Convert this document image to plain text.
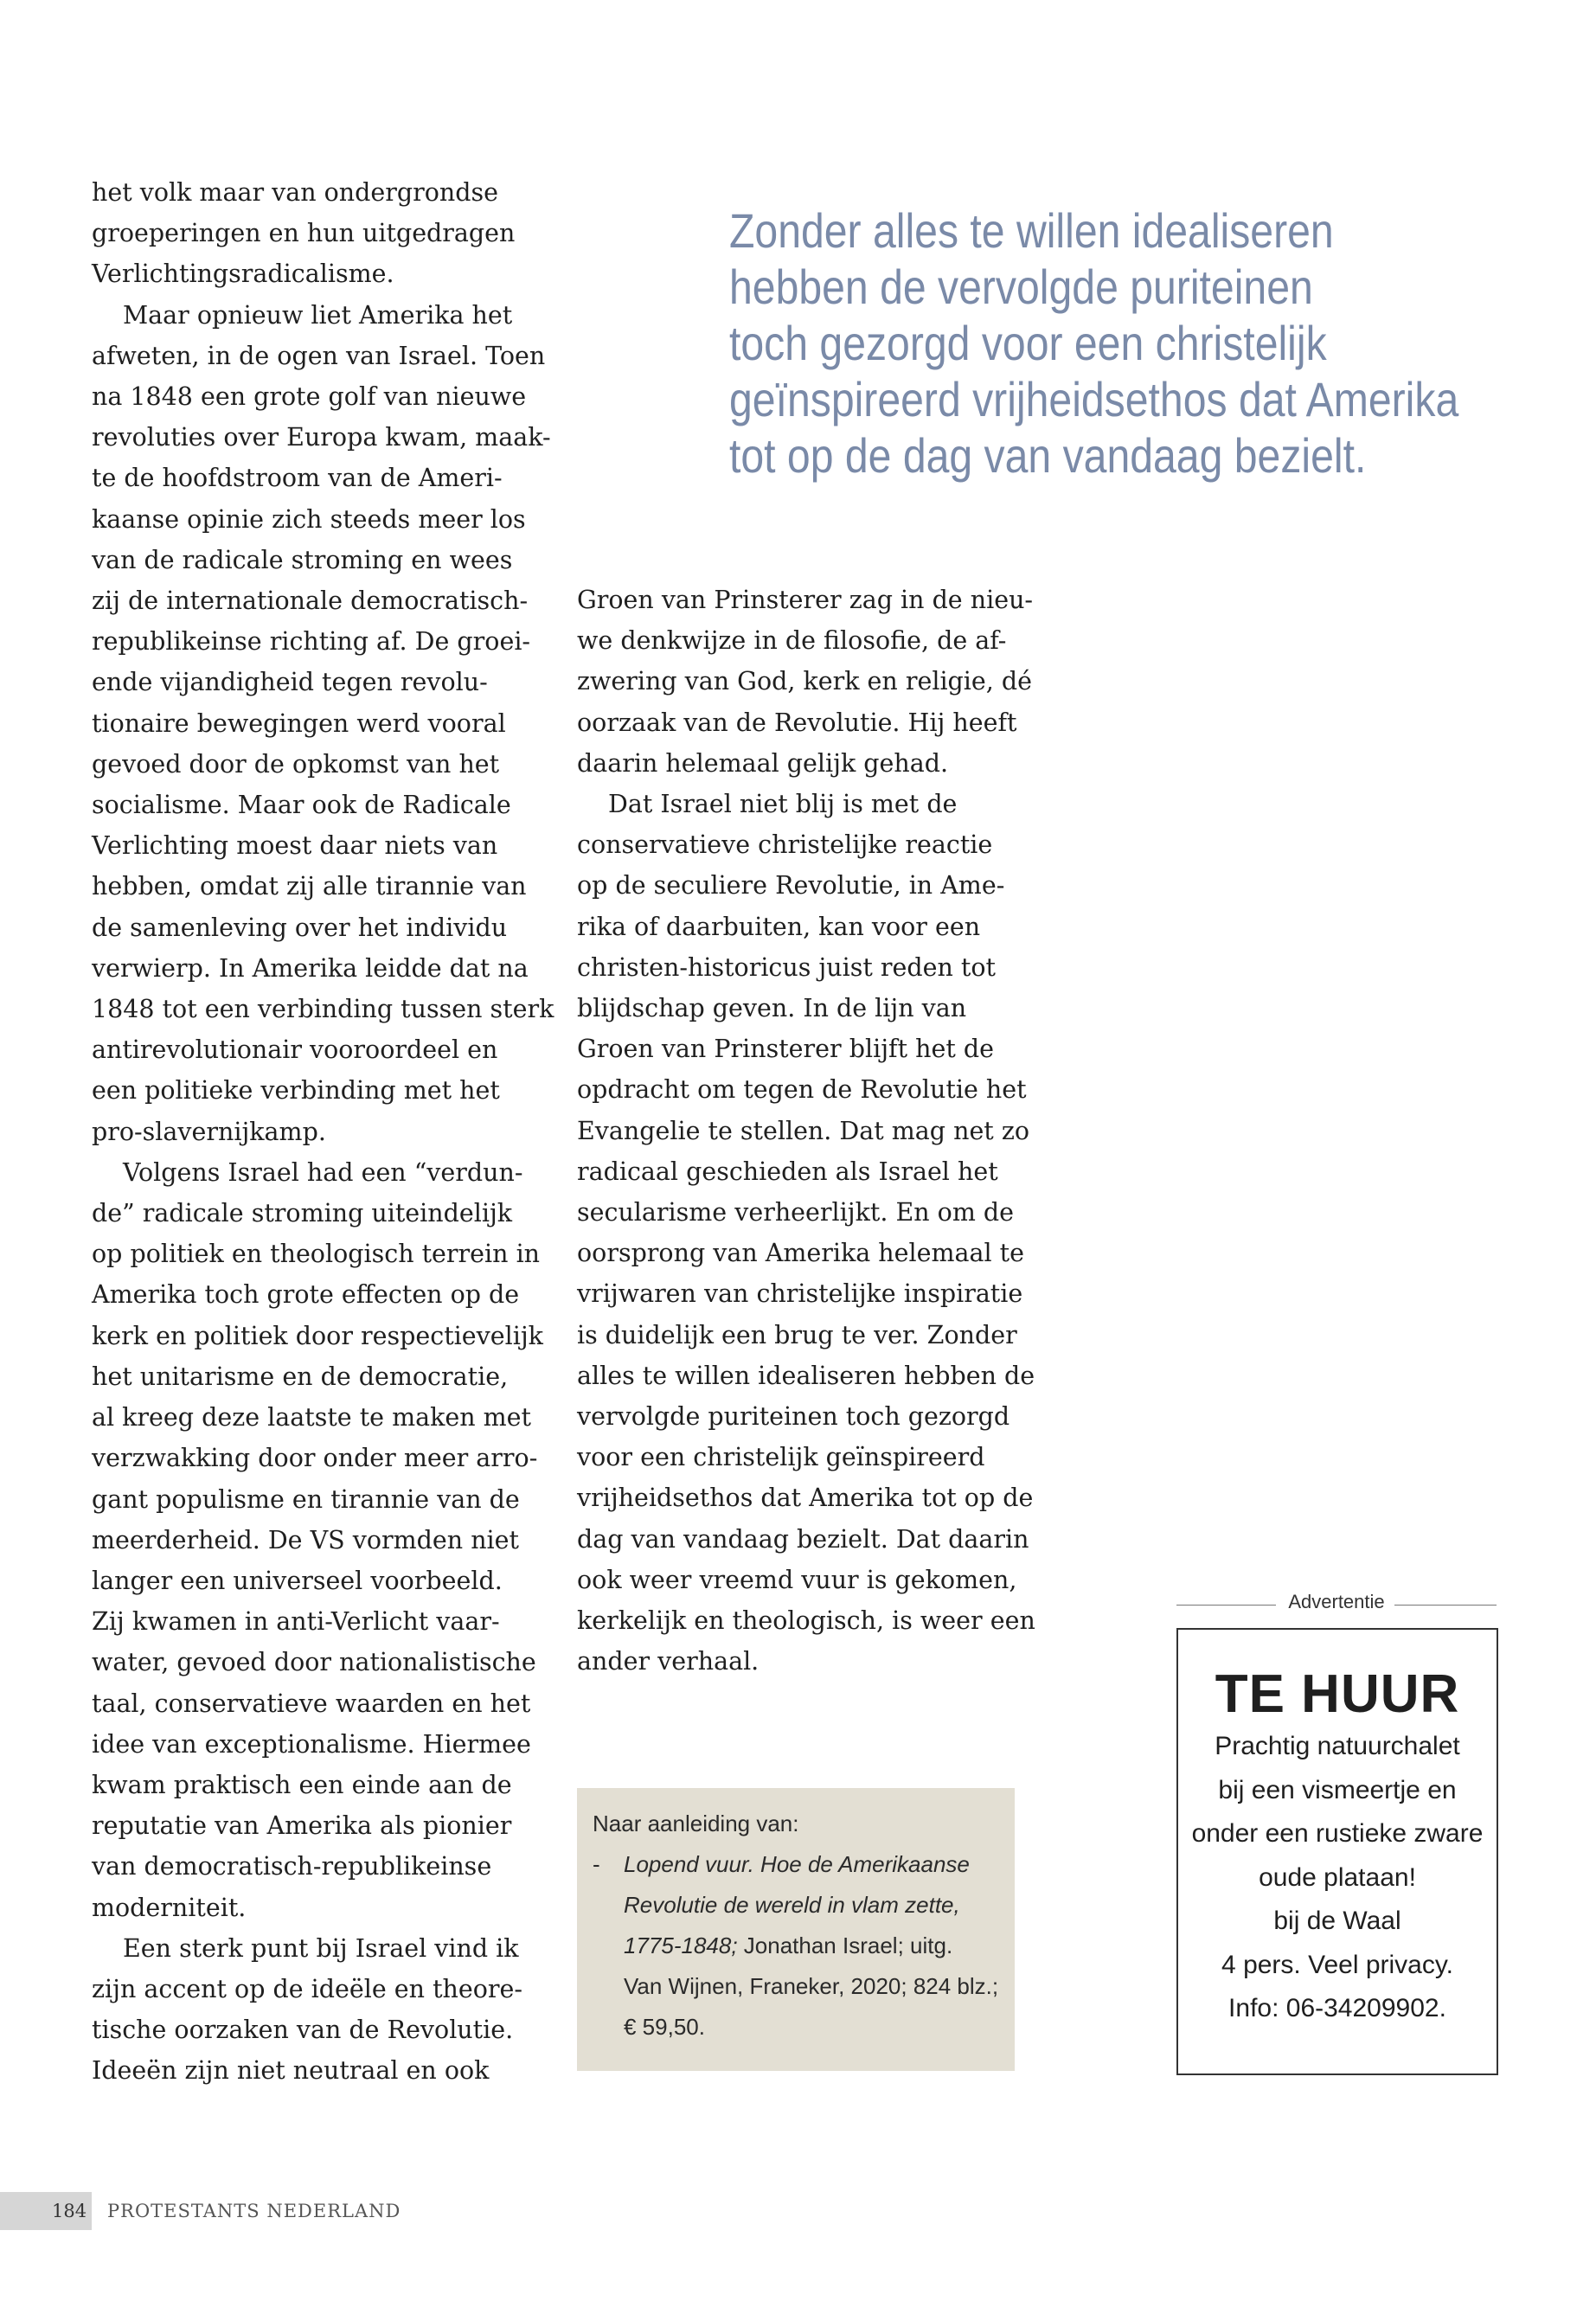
het volk maar van ondergrondse
groeperingen en hun uitgedragen
Verlichtingsradicalisme.

Maar opnieuw liet Amerika het
afweten, in de ogen van Israel. Toen
na 1848 een grote golf van nieuwe
revoluties over Europa kwam, maak-
te de hoofdstroom van de Ameri-
kaanse opinie zich steeds meer los
van de radicale stroming en wees
zij de internationale democratisch-
republikeinse richting af. De groei-
ende vijandigheid tegen revolu-
tionaire bewegingen werd vooral
gevoed door de opkomst van het
socialisme. Maar ook de Radicale
Verlichting moest daar niets van
hebben, omdat zij alle tirannie van
de samenleving over het individu
verwierp. In Amerika leidde dat na
1848 tot een verbinding tussen sterk
antirevolutionair vooroordeel en
een politieke verbinding met het
pro-slavernijkamp.

Volgens Israel had een “verdun-
de” radicale stroming uiteindelijk
op politiek en theologisch terrein in
Amerika toch grote effecten op de
kerk en politiek door respectievelijk
het unitarisme en de democratie,
al kreeg deze laatste te maken met
verzwakking door onder meer arro-
gant populisme en tirannie van de
meerderheid. De VS vormden niet
langer een universeel voorbeeld.
Zij kwamen in anti-Verlicht vaar-
water, gevoed door nationalistische
taal, conservatieve waarden en het
idee van exceptionalisme. Hiermee
kwam praktisch een einde aan de
reputatie van Amerika als pionier
van democratisch-republikeinse
moderniteit.

Een sterk punt bij Israel vind ik
zijn accent op de ideële en theore-
tische oorzaken van de Revolutie.
Ideeën zijn niet neutraal en ook

Zonder alles te willen idealiseren
hebben de vervolgde puriteinen
toch gezorgd voor een christelijk
geïnspireerd vrijheidsethos dat Amerika
tot op de dag van vandaag bezielt.

Groen van Prinsterer zag in de nieu-
we denkwijze in de filosofie, de af-
zwering van God, kerk en religie, dé
oorzaak van de Revolutie. Hij heeft
daarin helemaal gelijk gehad.

Dat Israel niet blij is met de
conservatieve christelijke reactie
op de seculiere Revolutie, in Ame-
rika of daarbuiten, kan voor een
christen-historicus juist reden tot
blijdschap geven. In de lijn van
Groen van Prinsterer blijft het de
opdracht om tegen de Revolutie het
Evangelie te stellen. Dat mag net zo
radicaal geschieden als Israel het
secularisme verheerlijkt. En om de
oorsprong van Amerika helemaal te
vrijwaren van christelijke inspiratie
is duidelijk een brug te ver. Zonder
alles te willen idealiseren hebben de
vervolgde puriteinen toch gezorgd
voor een christelijk geïnspireerd
vrijheidsethos dat Amerika tot op de
dag van vandaag bezielt. Dat daarin
ook weer vreemd vuur is gekomen,
kerkelijk en theologisch, is weer een
ander verhaal.

Naar aanleiding van:
- Lopend vuur. Hoe de Amerikaanse
Revolutie de wereld in vlam zette,
1775-1848; Jonathan Israel; uitg.
Van Wijnen, Franeker, 2020; 824 blz.;
€ 59,50.
Advertentie
TE HUUR
Prachtig natuurchalet
bij een vismeertje en
onder een rustieke zware
oude plataan!
bij de Waal
4 pers. Veel privacy.
Info: 06-34209902.
184 PROTESTANTS NEDERLAND
